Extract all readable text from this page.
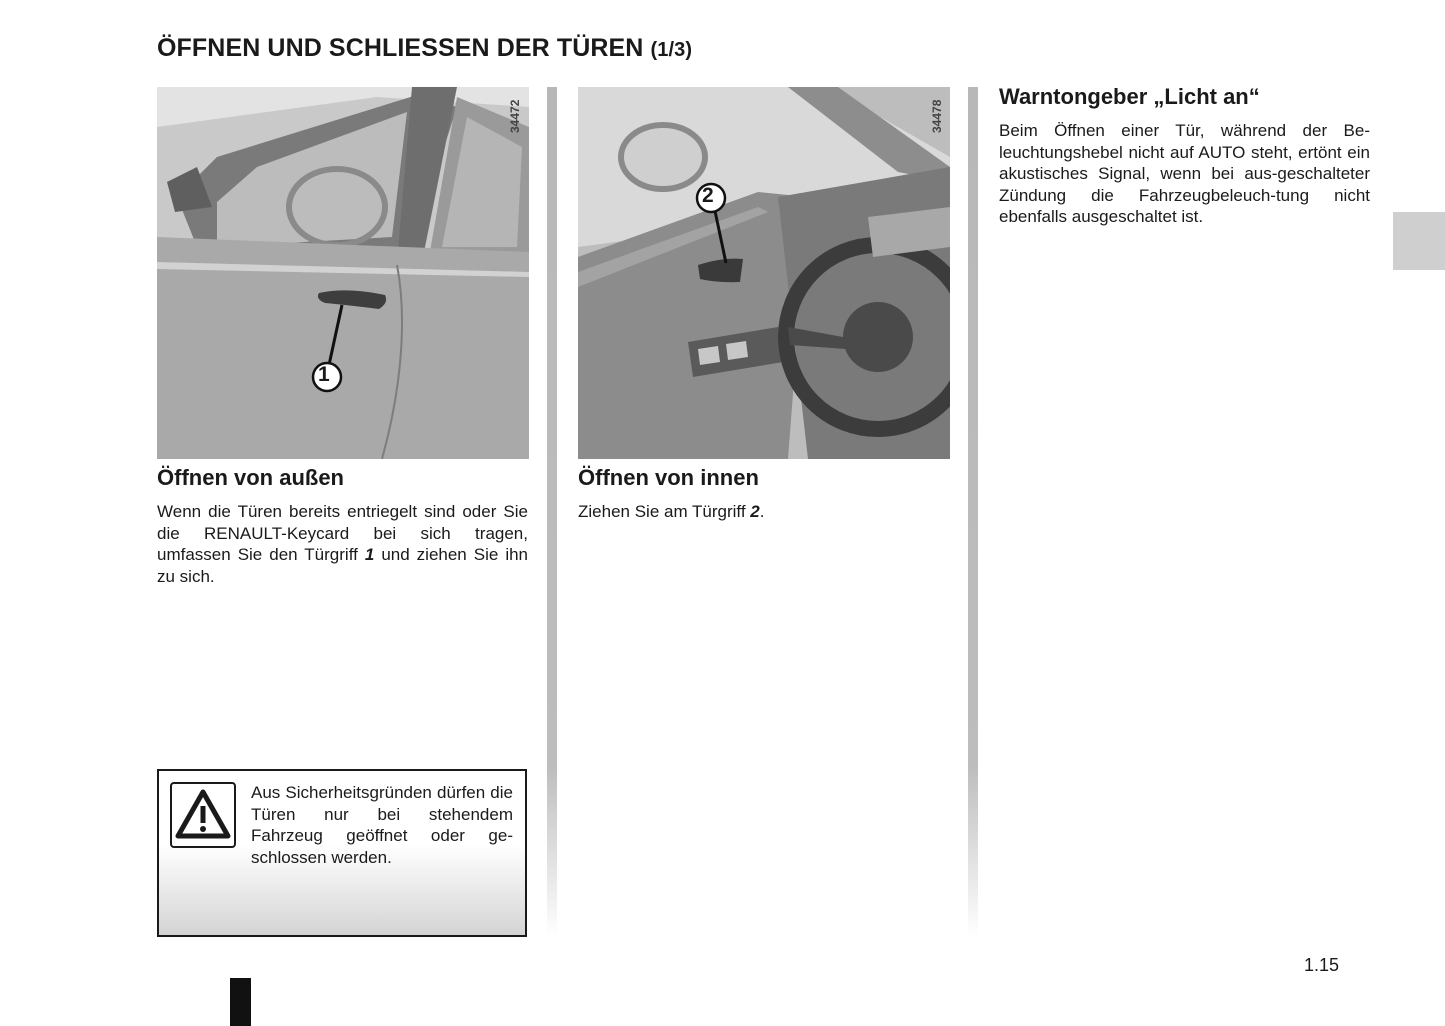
ÖFFNEN UND SCHLIESSEN DER TÜREN (1/3)
1
34472
2
34478
Öffnen von außen
Wenn die Türen bereits entriegelt sind oder Sie die RENAULT-Keycard bei sich tragen, umfassen Sie den Türgriff 1 und ziehen Sie ihn zu sich.
Öffnen von innen
Ziehen Sie am Türgriff 2.
Warntongeber „Licht an“
Beim Öffnen einer Tür, während der Be-leuchtungshebel nicht auf AUTO steht, ertönt ein akustisches Signal, wenn bei aus-geschalteter Zündung die Fahrzeugbeleuch-tung nicht ebenfalls ausgeschaltet ist.
Aus Sicherheitsgründen dürfen die Türen nur bei stehendem Fahrzeug geöffnet oder ge-schlossen werden.
1.15
